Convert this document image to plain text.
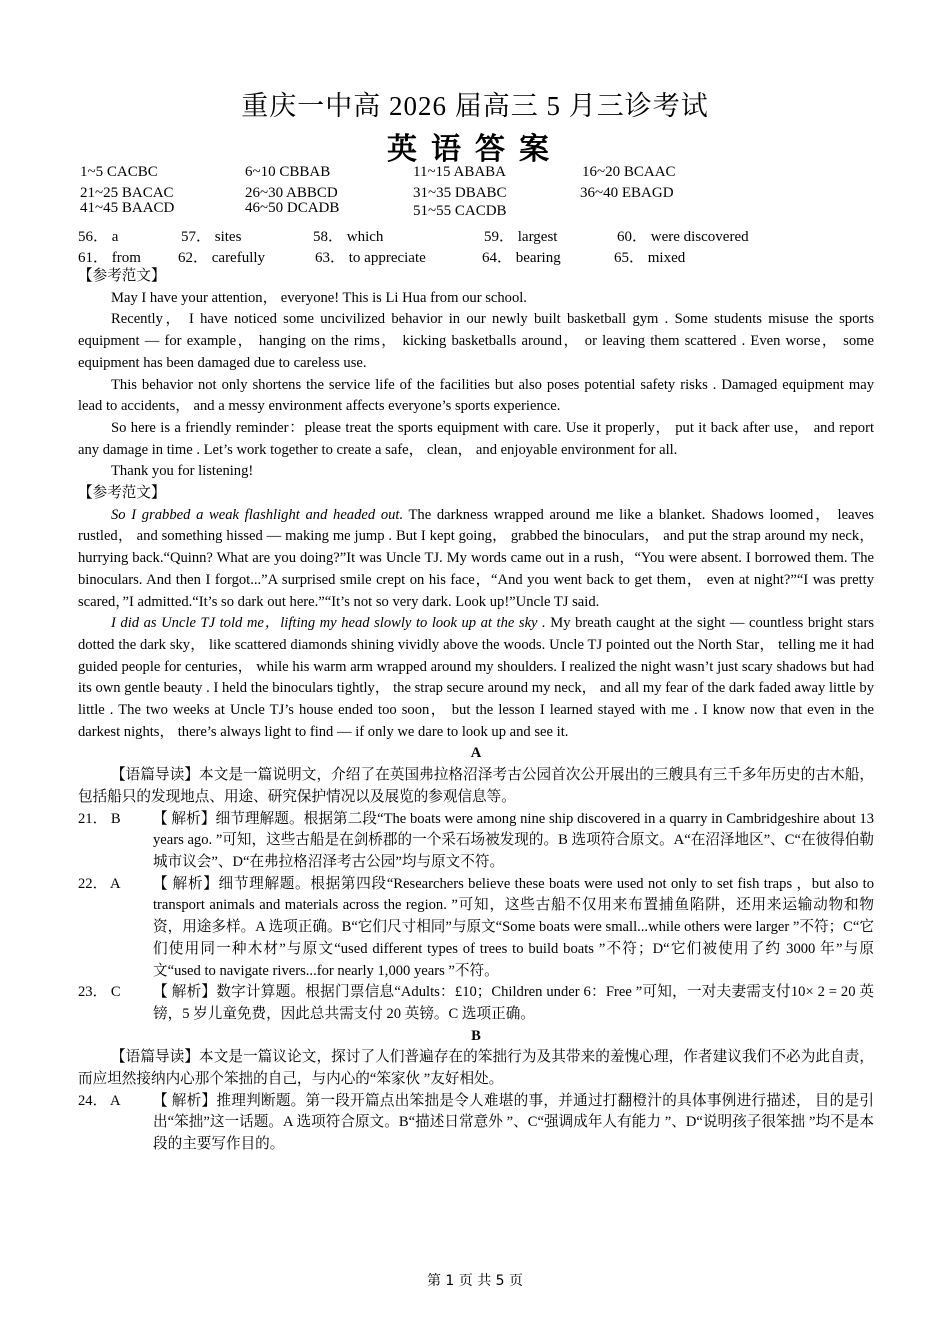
重庆一中高 2026 届高三 5 月三诊考试
英语答案
1~5 CACBC	6~10 CBBAB	11~15 ABABA	16~20 BCAAC
21~25 BACAC	26~30 ABBCD	31~35 DBABC	36~40 EBAGD
41~45 BAACD	46~50 DCADB	51~55 CACDB
56． a	57． sites	58． which	59． largest	60． were discovered
61． from 62． carefully	63． to appreciate	64． bearing	65． mixed

【参考范文】

May I have your attention， everyone! This is Li Hua from our school.

Recently， I have noticed some uncivilized behavior in our newly built basketball gym . Some students misuse the sports equipment — for example， hanging on the rims， kicking basketballs around， or leaving them scattered . Even worse， some equipment has been damaged due to careless use.

This behavior not only shortens the service life of the facilities but also poses potential safety risks . Damaged equipment may lead to accidents， and a messy environment affects everyone’s sports experience.

So here is a friendly reminder：please treat the sports equipment with care. Use it properly， put it back after use， and report any damage in time . Let’s work together to create a safe， clean， and enjoyable environment for all.

Thank you for listening!

【参考范文】

So I grabbed a weak flashlight and headed out. The darkness wrapped around me like a blanket. Shadows loomed， leaves rustled， and something hissed — making me jump . But I kept going， grabbed the binoculars， and put the strap around my neck， hurrying back.“Quinn? What are you doing?”It was Uncle TJ. My words came out in a rush，“You were absent. I borrowed them. The binoculars. And then I forgot...”A surprised smile crept on his face，“And you went back to get them， even at night?”“I was pretty scared，”I admitted.“It’s so dark out here.”“It’s not so very dark. Look up!”Uncle TJ said.

I did as Uncle TJ told me，lifting my head slowly to look up at the sky . My breath caught at the sight — countless bright stars dotted the dark sky， like scattered diamonds shining vividly above the woods. Uncle TJ pointed out the North Star， telling me it had guided people for centuries， while his warm arm wrapped around my shoulders. I realized the night wasn’t just scary shadows but had its own gentle beauty . I held the binoculars tightly， the strap secure around my neck， and all my fear of the dark faded away little by little . The two weeks at Uncle TJ’s house ended too soon， but the lesson I learned stayed with me . I know now that even in the darkest nights， there’s always light to find — if only we dare to look up and see it.

A

【语篇导读】本文是一篇说明文，介绍了在英国弗拉格沼泽考古公园首次公开展出的三艘具有三千多年历史的古木船，包括船只的发现地点、用途、研究保护情况以及展览的参观信息等。

21． B	【 解析】细节理解题。根据第二段“The boats were among nine ship discovered in a quarry in Cambridgeshire about 13 years ago. ”可知，这些古船是在剑桥郡的一个采石场被发现的。B 选项符合原文。A“在沼泽地区”、C“在彼得伯勒城市议会”、D“在弗拉格沼泽考古公园”均与原文不符。
22． A	【 解析】细节理解题。根据第四段“Researchers believe these boats were used not only to set fish traps ，but also to transport animals and materials across the region. ”可知，这些古船不仅用来布置捕鱼陷阱，还用来运输动物和物资，用途多样。A 选项正确。B“它们尺寸相同”与原文“Some boats were small...while others were larger ”不符；C“它们使用同一种木材”与原文“used different types of trees to build boats ”不符；D“它们被使用了约 3000 年”与原文“used to navigate rivers...for nearly 1,000 years ”不符。
23． C	【 解析】数字计算题。根据门票信息“Adults：£10；Children under 6：Free ”可知，一对夫妻需支付10× 2 = 20 英镑，5 岁儿童免费，因此总共需支付 20 英镑。C 选项正确。

B

【语篇导读】本文是一篇议论文，探讨了人们普遍存在的笨拙行为及其带来的羞愧心理，作者建议我们不必为此自责，而应坦然接纳内心那个笨拙的自己，与内心的“笨家伙 ”友好相处。

24． A	【 解析】推理判断题。第一段开篇点出笨拙是令人难堪的事，并通过打翻橙汁的具体事例进行描述， 目的是引出“笨拙”这一话题。A 选项符合原文。B“描述日常意外 ”、C“强调成年人有能力 ”、D“说明孩子很笨拙 ”均不是本段的主要写作目的。
第 1 页 共 5 页
